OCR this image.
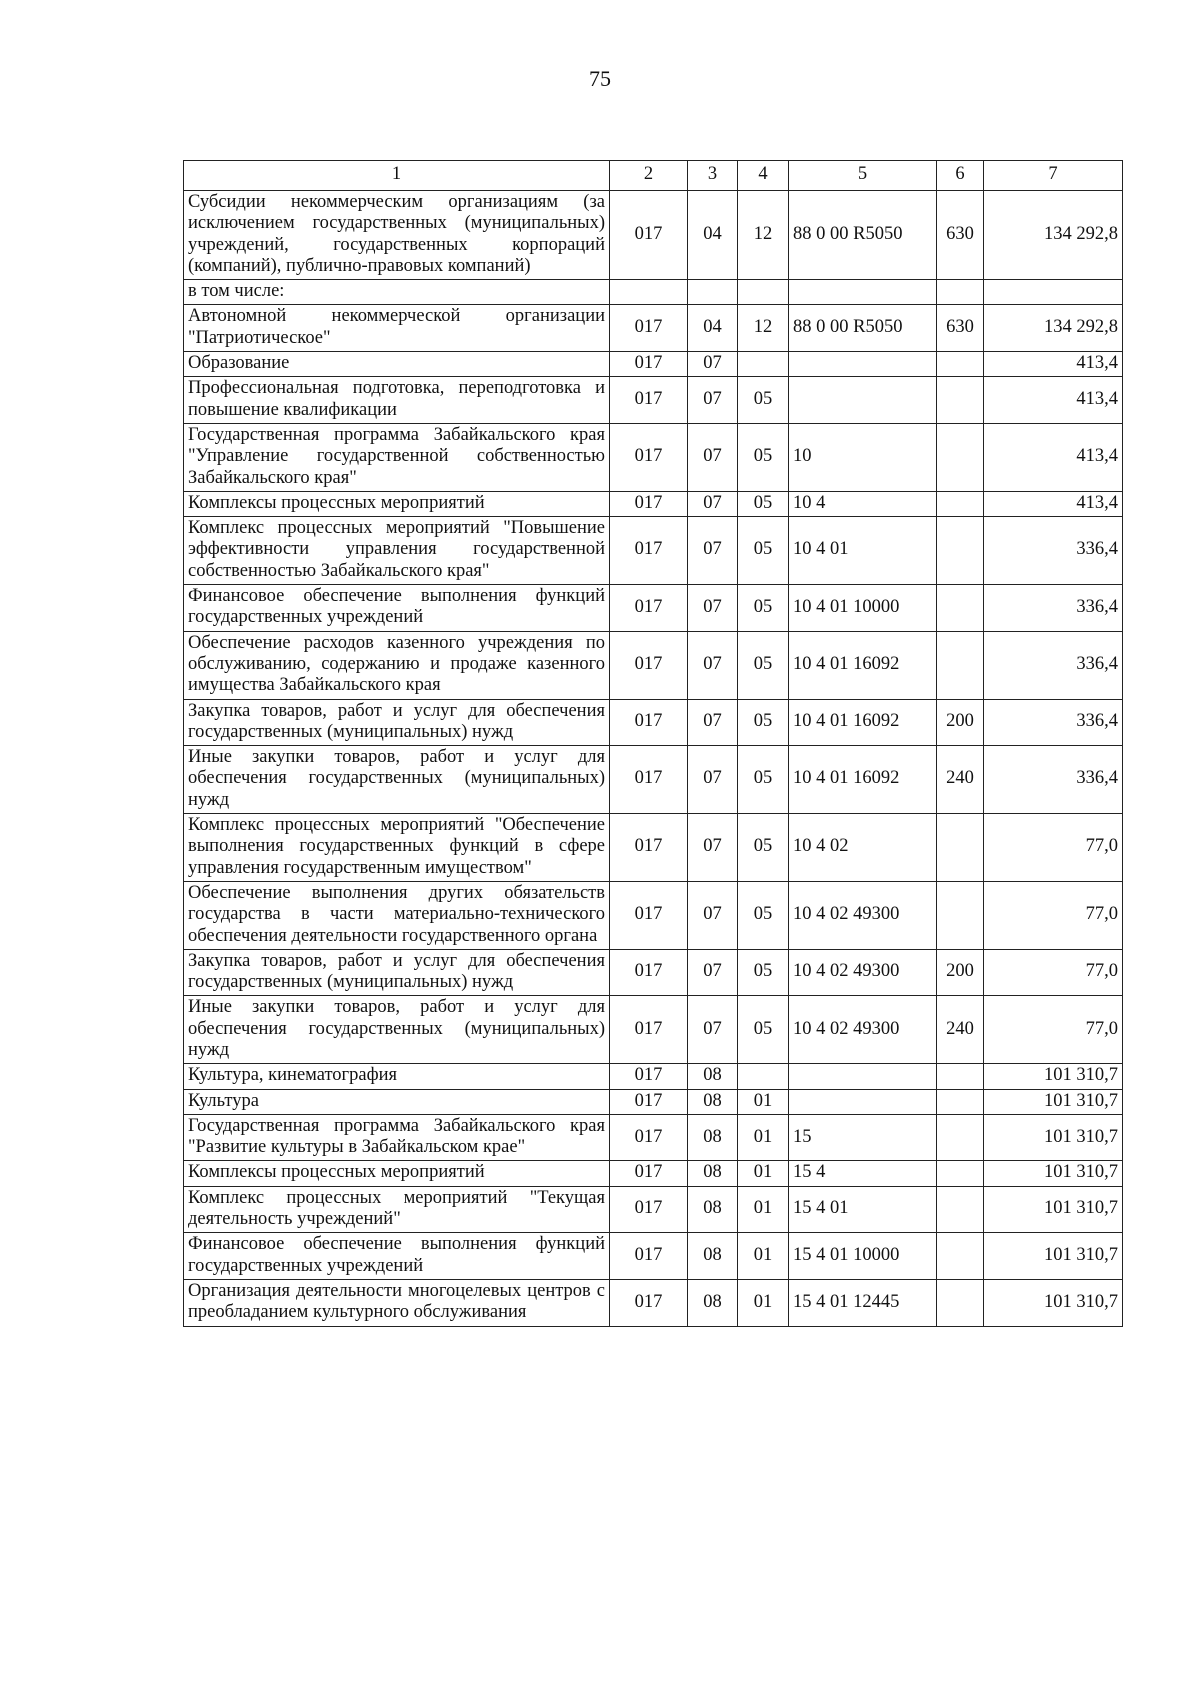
75
1	2	3	4	5	6	7
Субсидии некоммерческим организациям (за исключением государственных (муниципальных) учреждений, государственных корпораций (компаний), публично-правовых компаний)	017	04	12	88 0 00 R5050	630	134 292,8
в том числе:						
Автономной некоммерческой организации "Патриотическое"	017	04	12	88 0 00 R5050	630	134 292,8
Образование	017	07				413,4
Профессиональная подготовка, переподготовка и повышение квалификации	017	07	05			413,4
Государственная программа Забайкальского края "Управление государственной собственностью Забайкальского края"	017	07	05	10		413,4
Комплексы процессных мероприятий	017	07	05	10 4		413,4
Комплекс процессных мероприятий "Повышение эффективности управления государственной собственностью Забайкальского края"	017	07	05	10 4 01		336,4
Финансовое обеспечение выполнения функций государственных учреждений	017	07	05	10 4 01 10000		336,4
Обеспечение расходов казенного учреждения по обслуживанию, содержанию и продаже казенного имущества Забайкальского края	017	07	05	10 4 01 16092		336,4
Закупка товаров, работ и услуг для обеспечения государственных (муниципальных) нужд	017	07	05	10 4 01 16092	200	336,4
Иные закупки товаров, работ и услуг для обеспечения государственных (муниципальных) нужд	017	07	05	10 4 01 16092	240	336,4
Комплекс процессных мероприятий "Обеспечение выполнения государственных функций в сфере управления государственным имуществом"	017	07	05	10 4 02		77,0
Обеспечение выполнения других обязательств государства в части материально-технического обеспечения деятельности государственного органа	017	07	05	10 4 02 49300		77,0
Закупка товаров, работ и услуг для обеспечения государственных (муниципальных) нужд	017	07	05	10 4 02 49300	200	77,0
Иные закупки товаров, работ и услуг для обеспечения государственных (муниципальных) нужд	017	07	05	10 4 02 49300	240	77,0
Культура, кинематография	017	08				101 310,7
Культура	017	08	01			101 310,7
Государственная программа Забайкальского края "Развитие культуры в Забайкальском крае"	017	08	01	15		101 310,7
Комплексы процессных мероприятий	017	08	01	15 4		101 310,7
Комплекс процессных мероприятий "Текущая деятельность учреждений"	017	08	01	15 4 01		101 310,7
Финансовое обеспечение выполнения функций государственных учреждений	017	08	01	15 4 01 10000		101 310,7
Организация деятельности многоцелевых центров с преобладанием культурного обслуживания	017	08	01	15 4 01 12445		101 310,7
